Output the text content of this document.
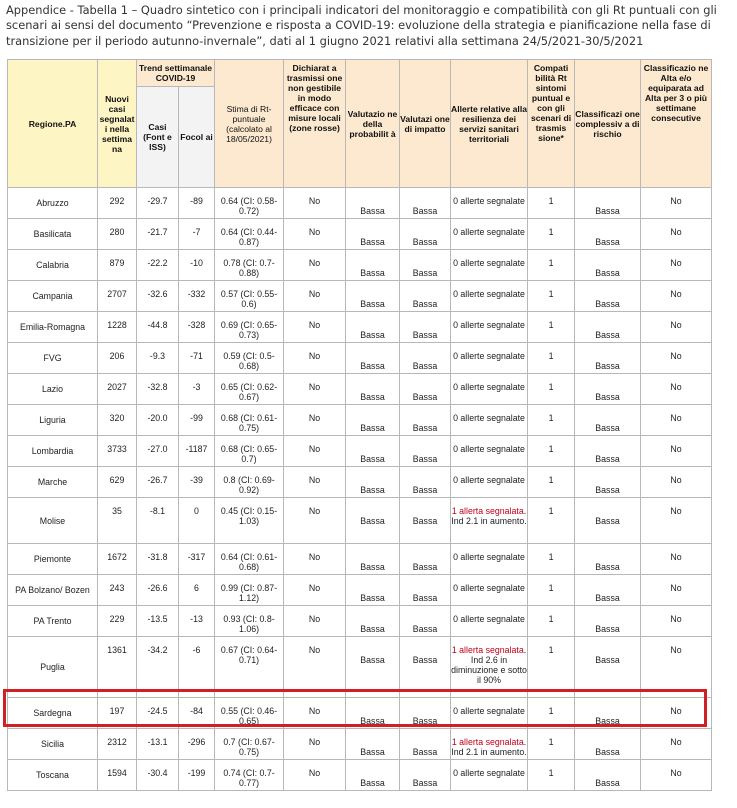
Appendice - Tabella 1 – Quadro sintetico con i principali indicatori del monitoraggio e compatibilità con gli Rt puntuali con gli scenari ai sensi del documento “Prevenzione e risposta a COVID-19: evoluzione della strategia e pianificazione nella fase di transizione per il periodo autunno-invernale”, dati al 1 giugno 2021 relativi alla settimana 24/5/2021-30/5/2021
Regione.PA	Nuovi casi segnalat i nella settima na	Trend settimanale COVID-19		Stima di Rt-puntuale (calcolato al 18/05/2021)	Dichiarat a trasmissi one non gestibile in modo efficace con misure locali (zone rosse)	Valutazio ne della probabilit à	Valutazi one di impatto	Allerte relative alla resilienza dei servizi sanitari territoriali	Compati bilità Rt sintomi puntual e con gli scenari di trasmis sione*	Classificazi one complessiv a di rischio	Classificazio ne Alta e/o equiparata ad Alta per 3 o più settimane consecutive
		Casi (Font e ISS)	Focol ai								
Abruzzo	292	-29.7	-89	0.64 (CI: 0.58-0.72)	No	Bassa	Bassa	0 allerte segnalate	1	Bassa	No
Basilicata	280	-21.7	-7	0.64 (CI: 0.44-0.87)	No	Bassa	Bassa	0 allerte segnalate	1	Bassa	No
Calabria	879	-22.2	-10	0.78 (CI: 0.7-0.88)	No	Bassa	Bassa	0 allerte segnalate	1	Bassa	No
Campania	2707	-32.6	-332	0.57 (CI: 0.55-0.6)	No	Bassa	Bassa	0 allerte segnalate	1	Bassa	No
Emilia-Romagna	1228	-44.8	-328	0.69 (CI: 0.65-0.73)	No	Bassa	Bassa	0 allerte segnalate	1	Bassa	No
FVG	206	-9.3	-71	0.59 (CI: 0.5-0.68)	No	Bassa	Bassa	0 allerte segnalate	1	Bassa	No
Lazio	2027	-32.8	-3	0.65 (CI: 0.62-0.67)	No	Bassa	Bassa	0 allerte segnalate	1	Bassa	No
Liguria	320	-20.0	-99	0.68 (CI: 0.61-0.75)	No	Bassa	Bassa	0 allerte segnalate	1	Bassa	No
Lombardia	3733	-27.0	-1187	0.68 (CI: 0.65-0.7)	No	Bassa	Bassa	0 allerte segnalate	1	Bassa	No
Marche	629	-26.7	-39	0.8 (CI: 0.69-0.92)	No	Bassa	Bassa	0 allerte segnalate	1	Bassa	No
Molise	35	-8.1	0	0.45 (CI: 0.15-1.03)	No	Bassa	Bassa	1 allerta segnalata. Ind 2.1 in aumento.	1	Bassa	No
Piemonte	1672	-31.8	-317	0.64 (CI: 0.61-0.68)	No	Bassa	Bassa	0 allerte segnalate	1	Bassa	No
PA Bolzano/ Bozen	243	-26.6	6	0.99 (CI: 0.87-1.12)	No	Bassa	Bassa	0 allerte segnalate	1	Bassa	No
PA Trento	229	-13.5	-13	0.93 (CI: 0.8-1.06)	No	Bassa	Bassa	0 allerte segnalate	1	Bassa	No
Puglia	1361	-34.2	-6	0.67 (CI: 0.64-0.71)	No	Bassa	Bassa	1 allerta segnalata. Ind 2.6 in diminuzione e sotto il 90%	1	Bassa	No
Sardegna	197	-24.5	-84	0.55 (CI: 0.46-0.65)	No	Bassa	Bassa	0 allerte segnalate	1	Bassa	No
Sicilia	2312	-13.1	-296	0.7 (CI: 0.67-0.75)	No	Bassa	Bassa	1 allerta segnalata. Ind 2.1 in aumento.	1	Bassa	No
Toscana	1594	-30.4	-199	0.74 (CI: 0.7-0.77)	No	Bassa	Bassa	0 allerte segnalate	1	Bassa	No
